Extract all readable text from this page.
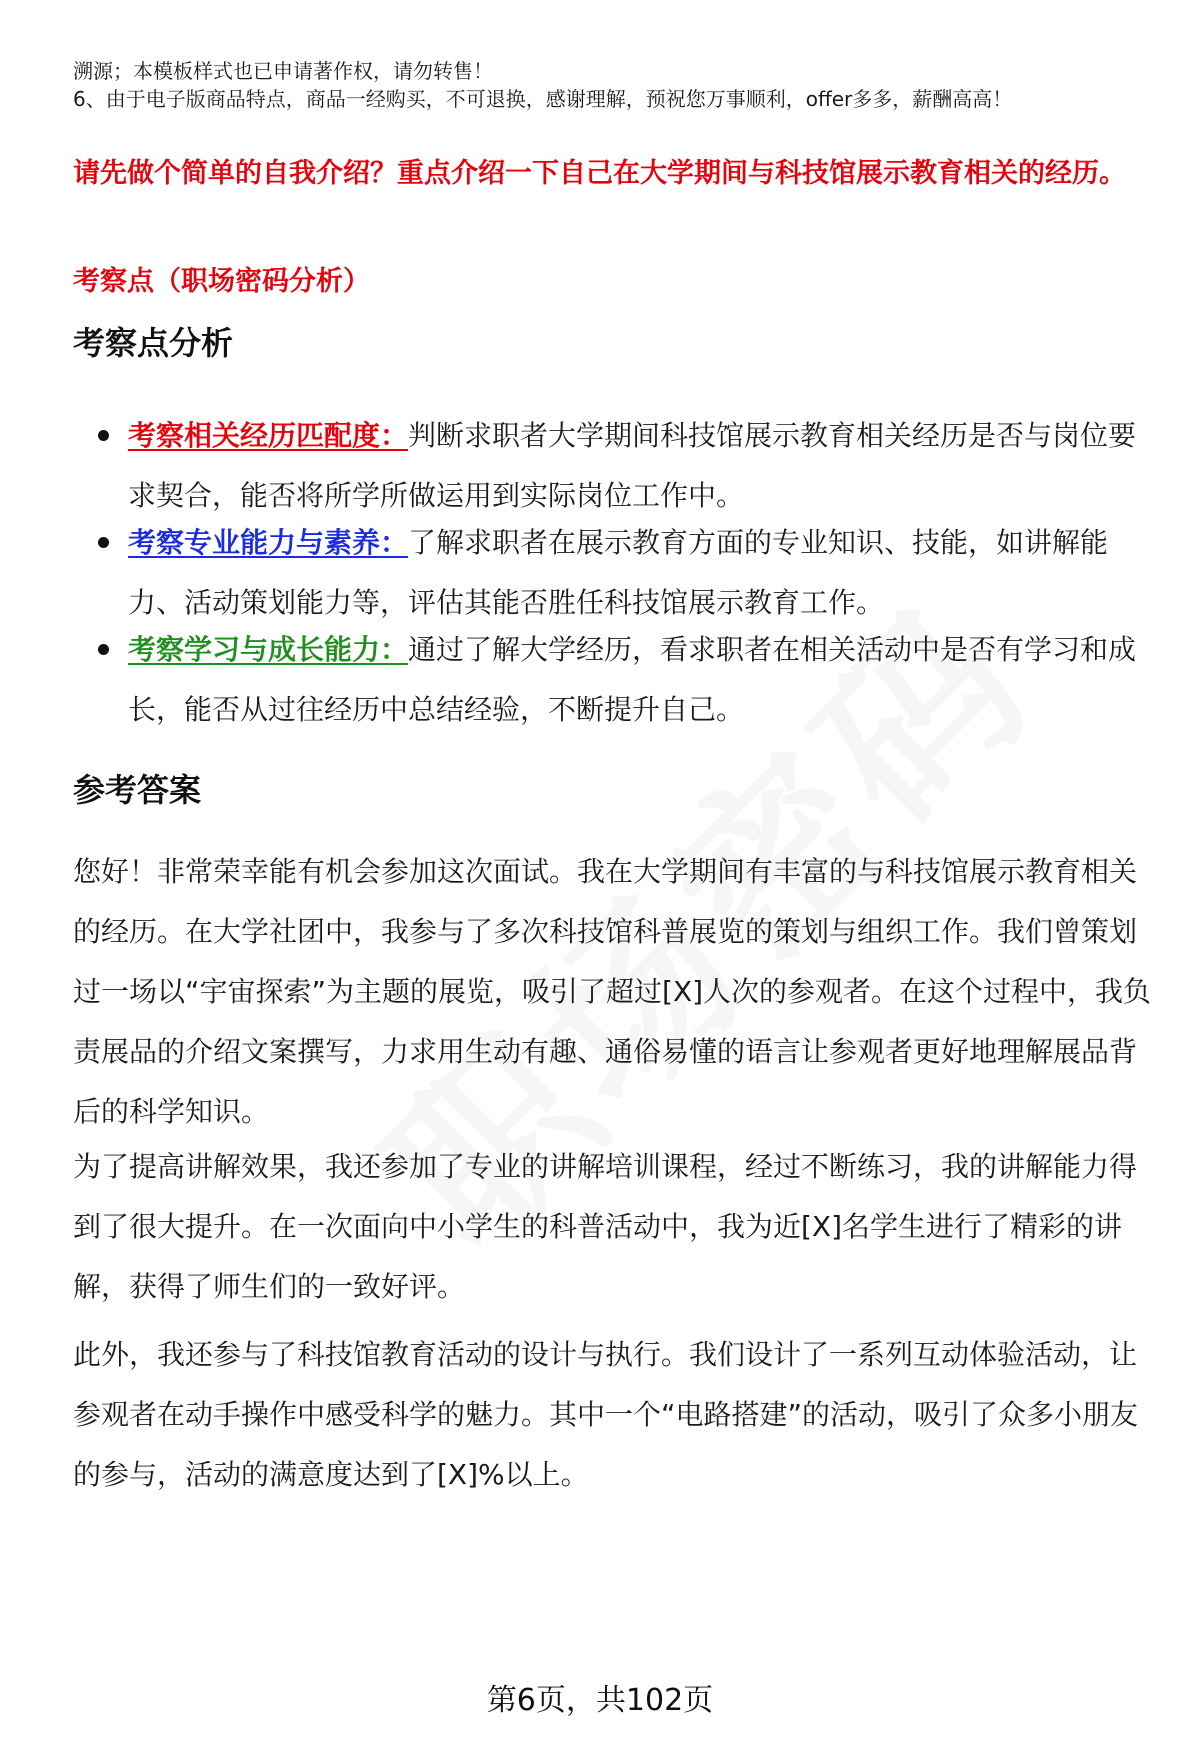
溯源；本模板样式也已申请著作权，请勿转售！
6、由于电子版商品特点，商品一经购买，不可退换，感谢理解，预祝您万事顺利，offer多多，薪酬高高！
请先做个简单的自我介绍？重点介绍一下自己在大学期间与科技馆展示教育相关的经历。
考察点（职场密码分析）
考察点分析
考察相关经历匹配度：判断求职者大学期间科技馆展示教育相关经历是否与岗位要求契合，能否将所学所做运用到实际岗位工作中。
考察专业能力与素养：了解求职者在展示教育方面的专业知识、技能，如讲解能力、活动策划能力等，评估其能否胜任科技馆展示教育工作。
考察学习与成长能力：通过了解大学经历，看求职者在相关活动中是否有学习和成长，能否从过往经历中总结经验，不断提升自己。
参考答案
您好！非常荣幸能有机会参加这次面试。我在大学期间有丰富的与科技馆展示教育相关的经历。在大学社团中，我参与了多次科技馆科普展览的策划与组织工作。我们曾策划过一场以“宇宙探索”为主题的展览，吸引了超过[X]人次的参观者。在这个过程中，我负责展品的介绍文案撰写，力求用生动有趣、通俗易懂的语言让参观者更好地理解展品背后的科学知识。
为了提高讲解效果，我还参加了专业的讲解培训课程，经过不断练习，我的讲解能力得到了很大提升。在一次面向中小学生的科普活动中，我为近[X]名学生进行了精彩的讲解，获得了师生们的一致好评。
此外，我还参与了科技馆教育活动的设计与执行。我们设计了一系列互动体验活动，让参观者在动手操作中感受科学的魅力。其中一个“电路搭建”的活动，吸引了众多小朋友的参与，活动的满意度达到了[X]%以上。
第6页，共102页
